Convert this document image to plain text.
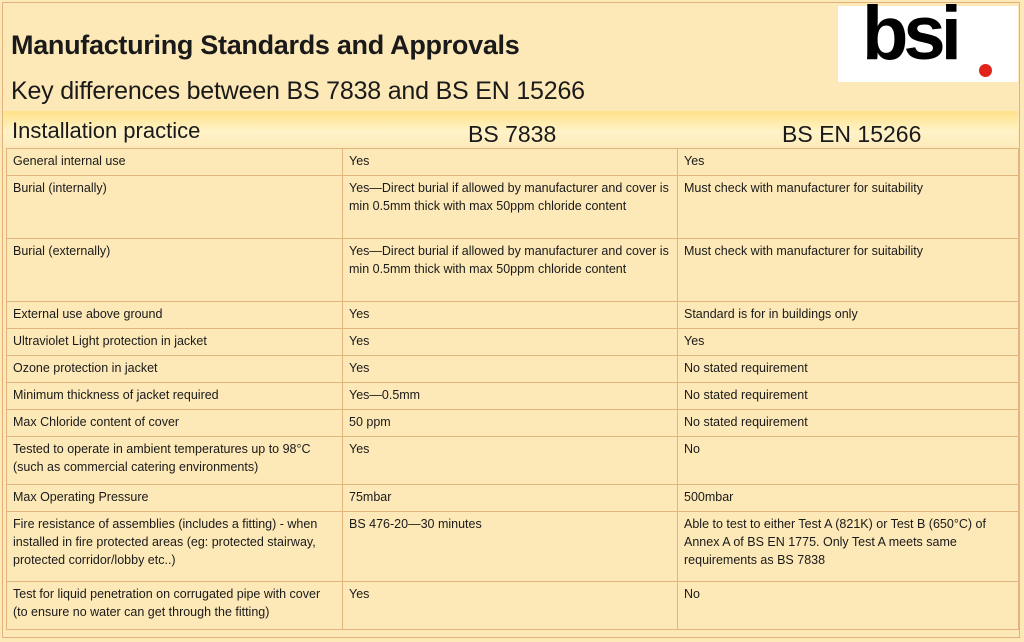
Manufacturing Standards and Approvals
Key differences between BS 7838 and BS EN 15266
bsi
Installation practice	BS 7838	BS EN 15266
General internal use	Yes	Yes
Burial (internally)	Yes—Direct burial if allowed by manufacturer and cover is min 0.5mm thick with max 50ppm chloride content	Must check with manufacturer for suitability
Burial (externally)	Yes—Direct burial if allowed by manufacturer and cover is min 0.5mm thick with max 50ppm chloride content	Must check with manufacturer for suitability
External use above ground	Yes	Standard is for in buildings only
Ultraviolet Light protection in jacket	Yes	Yes
Ozone protection in jacket	Yes	No stated requirement
Minimum thickness of jacket required	Yes—0.5mm	No stated requirement
Max Chloride content of cover	50 ppm	No stated requirement
Tested to operate in ambient temperatures up to 98°C (such as commercial catering environments)	Yes	No
Max Operating Pressure	75mbar	500mbar
Fire resistance of assemblies (includes a fitting) - when installed in fire protected areas (eg: protected stairway, protected corridor/lobby etc..)	BS 476-20—30 minutes	Able to test to either Test A (821K) or Test B (650°C) of Annex A of BS EN 1775. Only Test A meets same requirements as BS 7838
Test for liquid penetration on corrugated pipe with cover (to ensure no water can get through the fitting)	Yes	No
